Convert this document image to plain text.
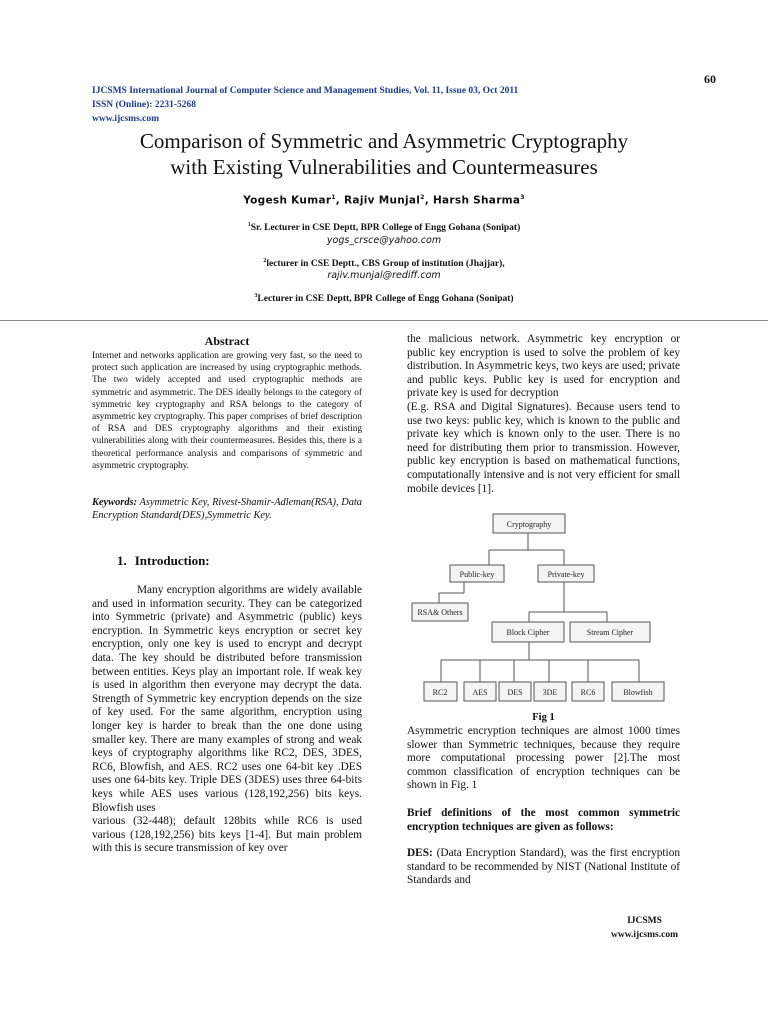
60
IJCSMS International Journal of Computer Science and Management Studies, Vol. 11, Issue 03, Oct 2011
ISSN (Online): 2231-5268
www.ijcsms.com
Comparison of Symmetric and Asymmetric Cryptography
with Existing Vulnerabilities and Countermeasures
Yogesh Kumar$^1$, Rajiv Munjal$^2$, Harsh Sharma$^3$
$^1$Sr. Lecturer in CSE Deptt, BPR College of Engg Gohana (Sonipat)
yogs_crsce@yahoo.com
$^2$lecturer in CSE Deptt., CBS Group of institution (Jhajjar),
rajiv.munjal@rediff.com
$^3$Lecturer in CSE Deptt, BPR College of Engg Gohana (Sonipat)
Abstract
Internet and networks application are growing very fast, so the need to protect such application are increased by using cryptographic methods. The two widely accepted and used cryptographic methods are symmetric and asymmetric. The DES ideally belongs to the category of symmetric key cryptography and RSA belongs to the category of asymmetric key cryptography. This paper comprises of brief description of RSA and DES cryptography algorithms and their existing vulnerabilities along with their countermeasures. Besides this, there is a theoretical performance analysis and comparisons of symmetric and asymmetric cryptography.
Keywords: Asymmetric Key, Rivest-Shamir-Adleman(RSA), Data Encryption Standard(DES),Symmetric Key.
1. Introduction:

Many encryption algorithms are widely available and used in information security. They can be categorized into Symmetric (private) and Asymmetric (public) keys encryption. In Symmetric keys encryption or secret key encryption, only one key is used to encrypt and decrypt data. The key should be distributed before transmission between entities. Keys play an important role. If weak key is used in algorithm then everyone may decrypt the data. Strength of Symmetric key encryption depends on the size of key used. For the same algorithm, encryption using longer key is harder to break than the one done using smaller key. There are many examples of strong and weak keys of cryptography algorithms like RC2, DES, 3DES, RC6, Blowfish, and AES. RC2 uses one 64-bit key .DES uses one 64-bits key. Triple DES (3DES) uses three 64-bits keys while AES uses various (128,192,256) bits keys. Blowfish uses

various (32-448); default 128bits while RC6 is used various (128,192,256) bits keys [1-4]. But main problem with this is secure transmission of key over

the malicious network. Asymmetric key encryption or public key encryption is used to solve the problem of key distribution. In Asymmetric keys, two keys are used; private and public keys. Public key is used for encryption and private key is used for decryption

(E.g. RSA and Digital Signatures). Because users tend to use two keys: public key, which is known to the public and private key which is known only to the user. There is no need for distributing them prior to transmission. However, public key encryption is based on mathematical functions, computationally intensive and is not very efficient for small mobile devices [1].

Cryptography
Public-key	Private-key
RSA& Others
Block Cipher	Stream Cipher
RC2	AES DES	3DE	RC6	Blowfish
Fig 1
Asymmetric encryption techniques are almost 1000 times slower than Symmetric techniques, because they require more computational processing power [2].The most common classification of encryption techniques can be shown in Fig. 1
Brief definitions of the most common symmetric encryption techniques are given as follows:
DES: (Data Encryption Standard), was the first encryption standard to be recommended by NIST (National Institute of Standards and
IJCSMS
www.ijcsms.com
